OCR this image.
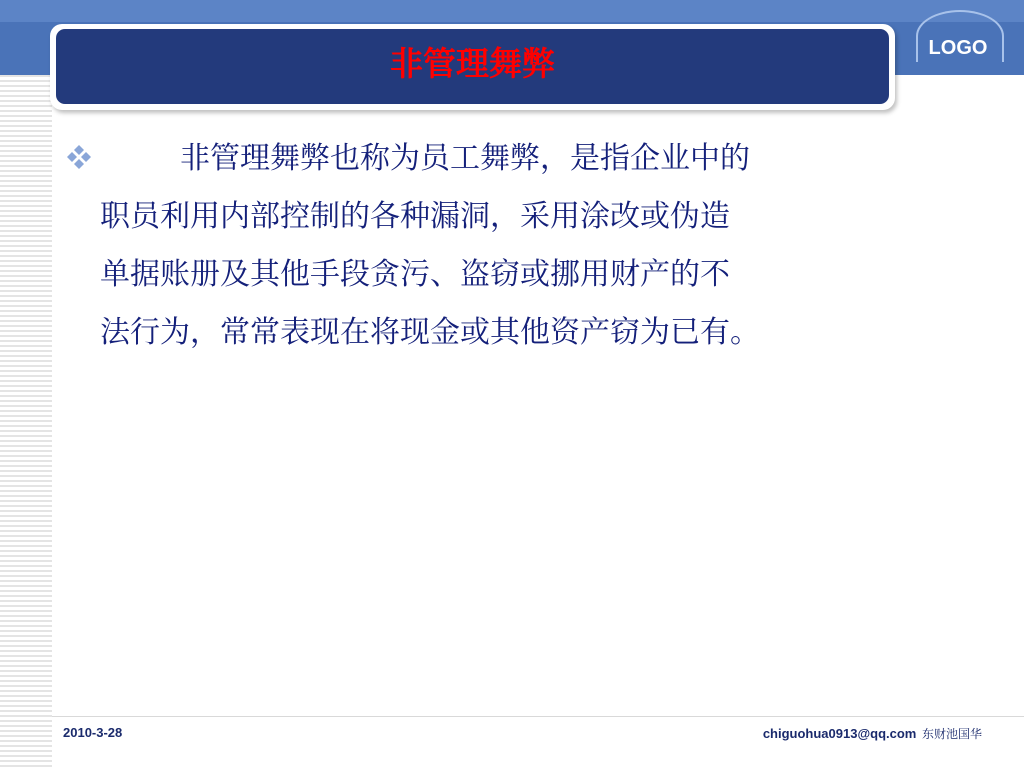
LOGO
非管理舞弊
非管理舞弊也称为员工舞弊，是指企业中的
职员利用内部控制的各种漏洞，采用涂改或伪造
单据账册及其他手段贪污、盗窃或挪用财产的不
法行为，常常表现在将现金或其他资产窃为已有。
2010-3-28	chiguohua0913@qq.com 东财池国华
